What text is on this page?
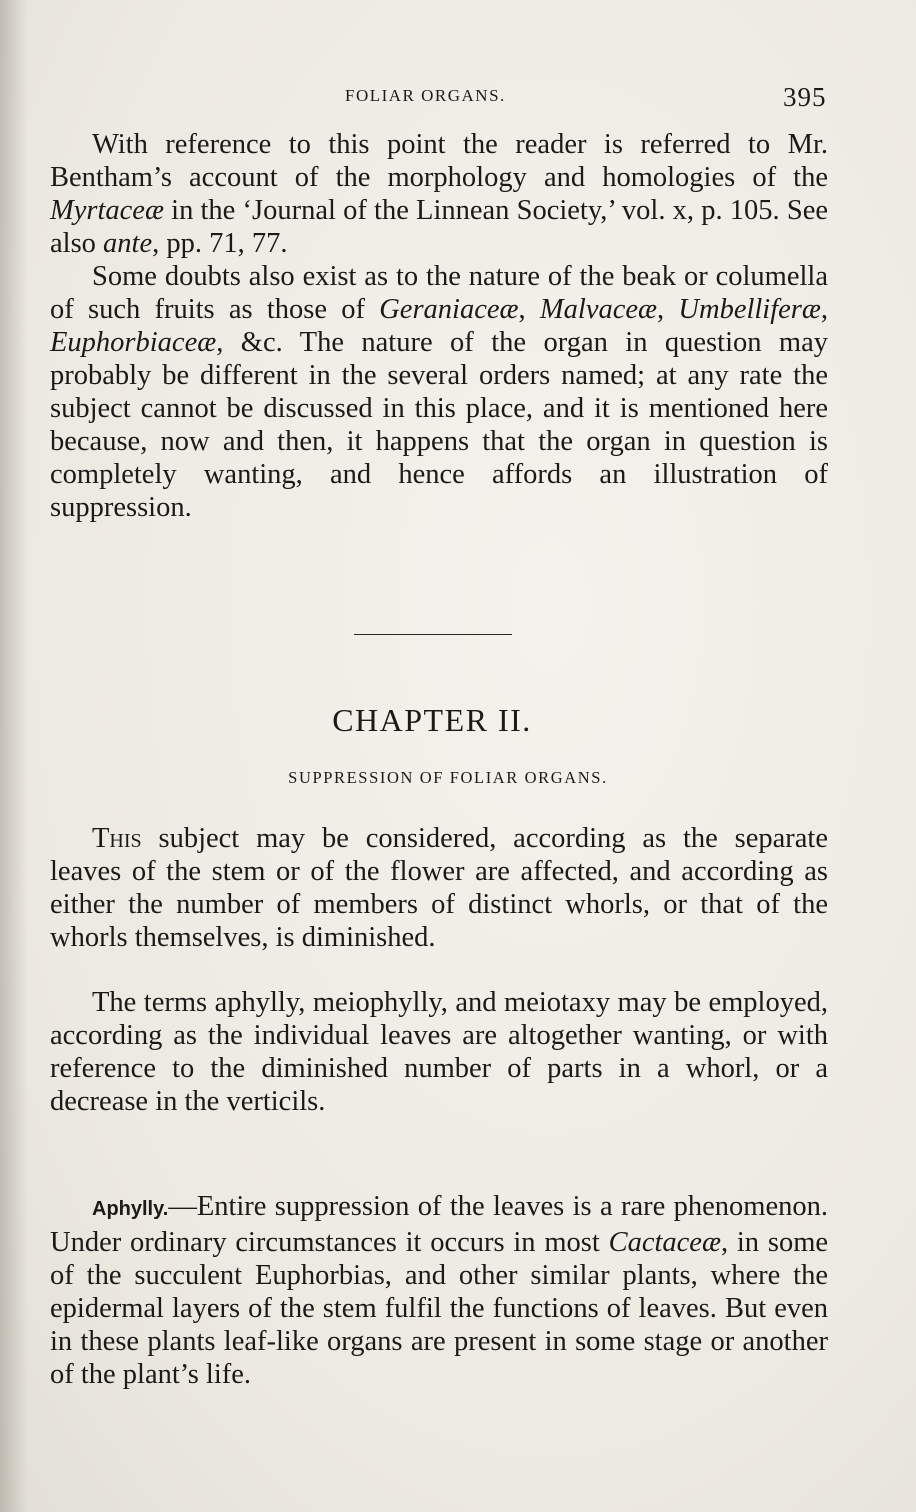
FOLIAR ORGANS.	395

With reference to this point the reader is referred to Mr. Bentham’s account of the morphology and homologies of the Myrtaceæ in the ‘Journal of the Linnean Society,’ vol. x, p. 105. See also ante, pp. 71, 77.

Some doubts also exist as to the nature of the beak or columella of such fruits as those of Geraniaceæ, Malvaceæ, Umbelliferæ, Euphorbiaceæ, &c. The nature of the organ in question may probably be different in the several orders named; at any rate the subject cannot be discussed in this place, and it is mentioned here because, now and then, it happens that the organ in question is completely wanting, and hence affords an illustration of suppression.

CHAPTER II.
SUPPRESSION OF FOLIAR ORGANS.

This subject may be considered, according as the separate leaves of the stem or of the flower are affected, and according as either the number of members of distinct whorls, or that of the whorls themselves, is diminished.

The terms aphylly, meiophylly, and meiotaxy may be employed, according as the individual leaves are altogether wanting, or with reference to the diminished number of parts in a whorl, or a decrease in the verticils.

Aphylly.—Entire suppression of the leaves is a rare phenomenon. Under ordinary circumstances it occurs in most Cactaceæ, in some of the succulent Euphorbias, and other similar plants, where the epidermal layers of the stem fulfil the functions of leaves. But even in these plants leaf-like organs are present in some stage or another of the plant’s life.
